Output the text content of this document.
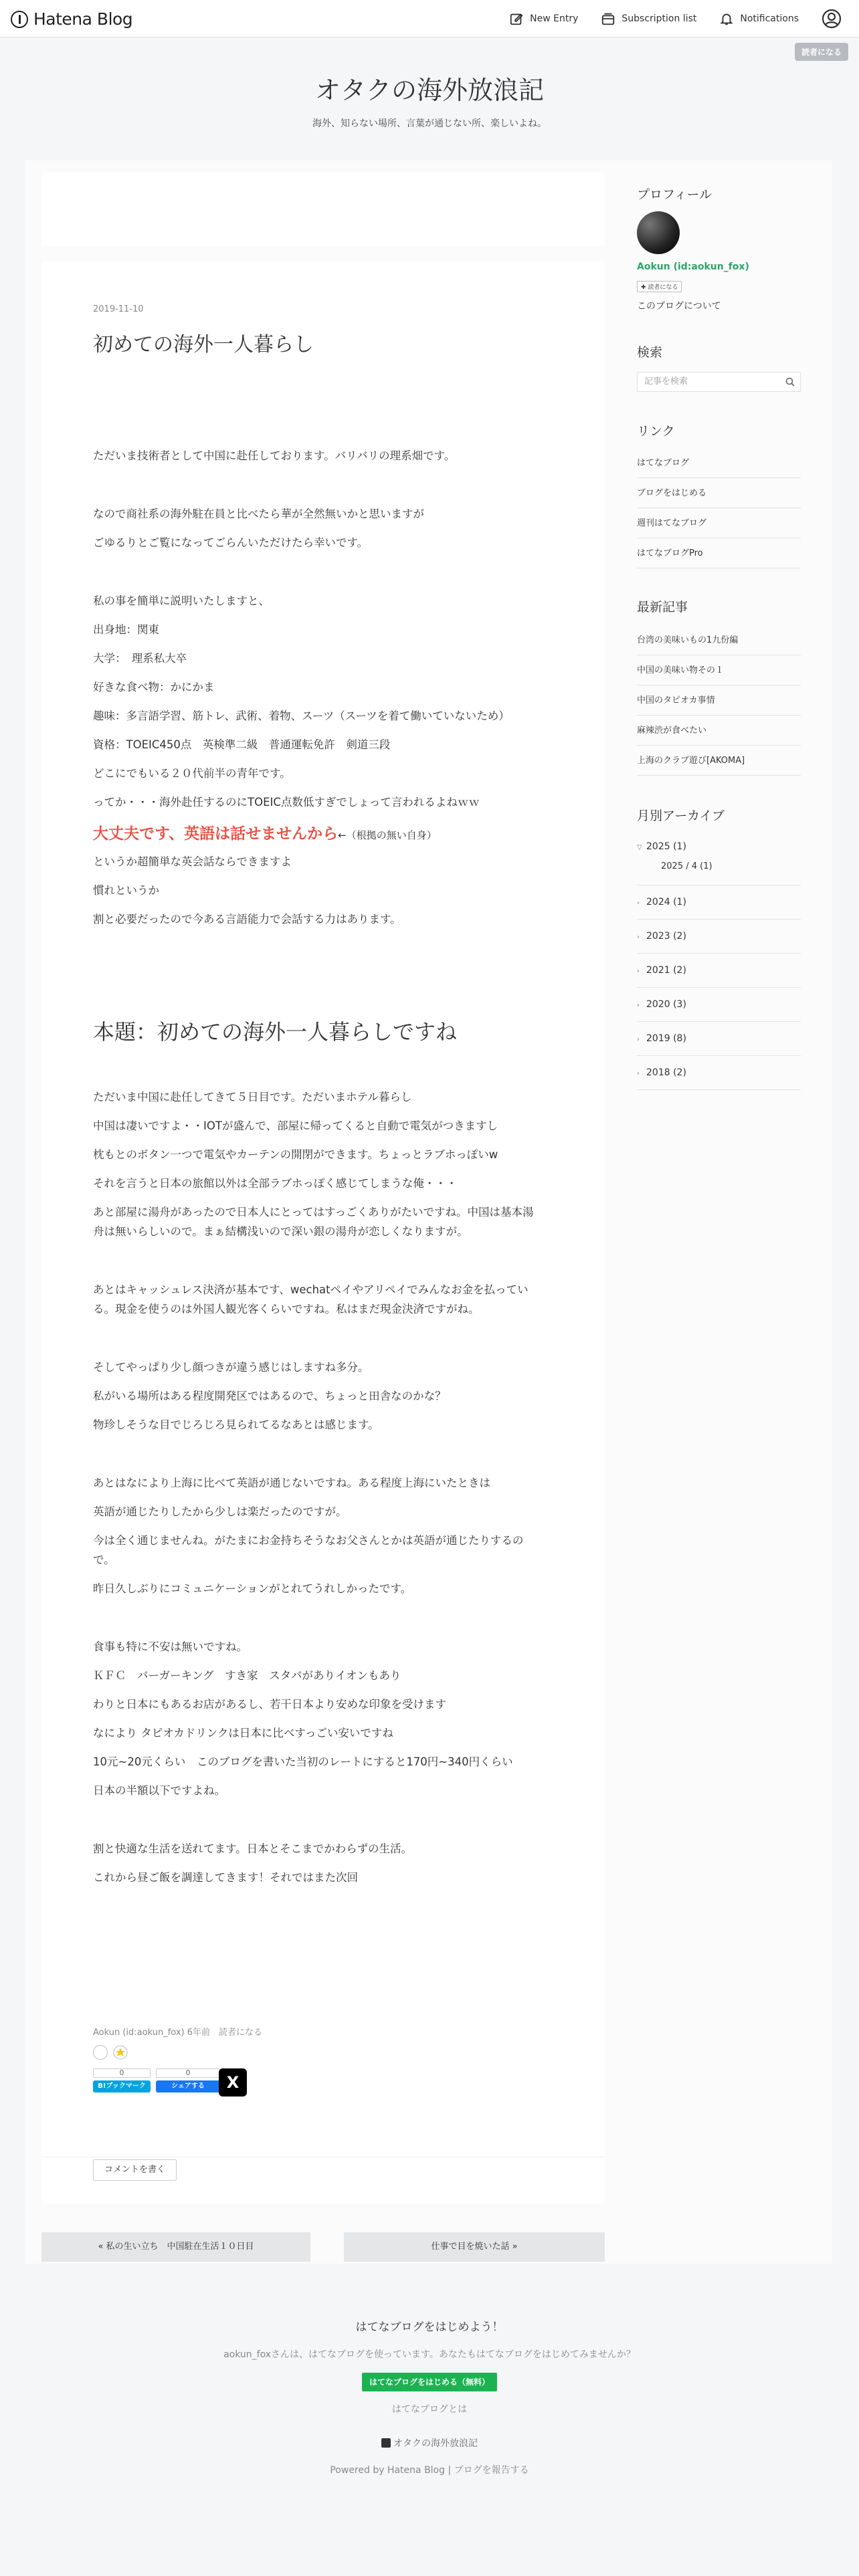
Hatena Blog	New Entry	Subscription list	Notifications
読者になる
オタクの海外放浪記
海外、知らない場所、言葉が通じない所、楽しいよね。
2019-11-10
初めての海外一人暮らし
ただいま技術者として中国に赴任しております。バリバリの理系畑です。
なので商社系の海外駐在員と比べたら華が全然無いかと思いますが
ごゆるりとご覧になってごらんいただけたら幸いです。
私の事を簡単に説明いたしますと、
出身地：関東
大学：　理系私大卒
好きな食べ物：かにかま
趣味：多言語学習、筋トレ、武術、着物、スーツ（スーツを着て働いていないため）
資格：TOEIC450点　英検準二級　普通運転免許　剣道三段
どこにでもいる２０代前半の青年です。
ってか・・・海外赴任するのにTOEIC点数低すぎでしょって言われるよねｗｗ
大丈夫です、英語は話せませんから←（根拠の無い自身）
というか超簡単な英会話ならできますよ
慣れというか
割と必要だったので今ある言語能力で会話する力はあります。
本題：初めての海外一人暮らしですね
ただいま中国に赴任してきて５日目です。ただいまホテル暮らし
中国は凄いですよ・・IOTが盛んで、部屋に帰ってくると自動で電気がつきますし
枕もとのボタン一つで電気やカーテンの開閉ができます。ちょっとラブホっぽいw
それを言うと日本の旅館以外は全部ラブホっぽく感じてしまうな俺・・・
あと部屋に湯舟があったので日本人にとってはすっごくありがたいですね。中国は基本湯
舟は無いらしいので。まぁ結構浅いので深い銀の湯舟が恋しくなりますが。
あとはキャッシュレス決済が基本です、wechatペイやアリペイでみんなお金を払ってい
る。現金を使うのは外国人観光客くらいですね。私はまだ現金決済ですがね。
そしてやっぱり少し顔つきが違う感じはしますね多分。
私がいる場所はある程度開発区ではあるので、ちょっと田舎なのかな？
物珍しそうな目でじろじろ見られてるなあとは感じます。
あとはなにより上海に比べて英語が通じないですね。ある程度上海にいたときは
英語が通じたりしたから少しは楽だったのですが。
今は全く通じませんね。がたまにお金持ちそうなお父さんとかは英語が通じたりするの
で。
昨日久しぶりにコミュニケーションがとれてうれしかったです。
食事も特に不安は無いですね。
ＫＦＣ　バーガーキング　すき家　スタバがありイオンもあり
わりと日本にもあるお店があるし、若干日本より安めな印象を受けます
なにより タピオカドリンクは日本に比べすっごい安いですね
10元~20元くらい　このブログを書いた当初のレートにすると170円~340円くらい
日本の半額以下ですよね。
割と快適な生活を送れてます。日本とそこまでかわらずの生活。
これから昼ご飯を調達してきます！それではまた次回
Aokun (id:aokun_fox) 6年前　読者になる
0
B!ブックマーク
0
シェアする	X
コメントを書く
« 私の生い立ち　中国駐在生活１０日目	仕事で目を焼いた話 »
プロフィール
Aokun (id:aokun_fox)
✚ 読者になる
このブログについて
検索
記事を検索
リンク
はてなブログ
ブログをはじめる
週刊はてなブログ
はてなブログPro
最新記事
台湾の美味いもの1九份編
中国の美味い物その１
中国のタピオカ事情
麻辣渋が食べたい
上海のクラブ遊び[AKOMA]
月別アーカイブ
▽ 2025 (1)
2025 / 4 (1)
› 2024 (1)
› 2023 (2)
› 2021 (2)
› 2020 (3)
› 2019 (8)
› 2018 (2)
はてなブログをはじめよう！
aokun_foxさんは、はてなブログを使っています。あなたもはてなブログをはじめてみませんか？
はてなブログをはじめる（無料）
はてなブログとは
オタクの海外放浪記
Powered by Hatena Blog | ブログを報告する
